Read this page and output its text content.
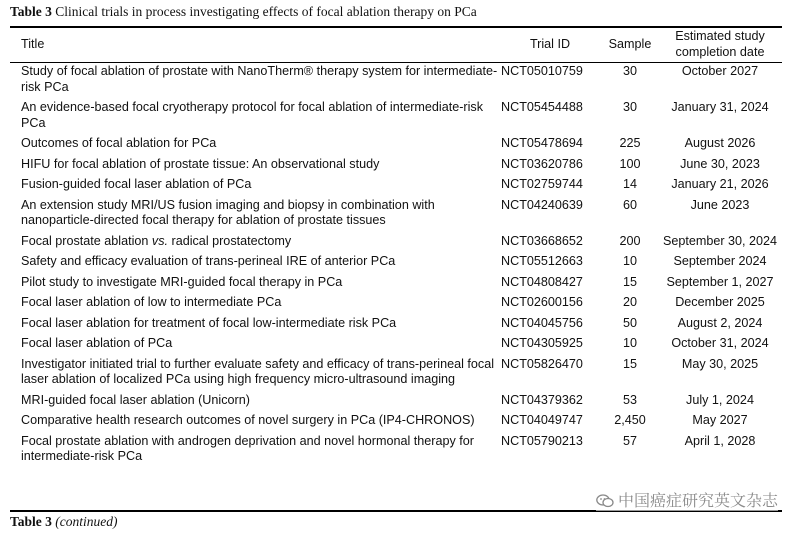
Table 3 Clinical trials in process investigating effects of focal ablation therapy on PCa
Title	Trial ID	Sample	Estimated study completion date
Study of focal ablation of prostate with NanoTherm® therapy system for intermediate-risk PCa	NCT05010759	30	October 2027
An evidence-based focal cryotherapy protocol for focal ablation of intermediate-risk PCa	NCT05454488	30	January 31, 2024
Outcomes of focal ablation for PCa	NCT05478694	225	August 2026
HIFU for focal ablation of prostate tissue: An observational study	NCT03620786	100	June 30, 2023
Fusion-guided focal laser ablation of PCa	NCT02759744	14	January 21, 2026
An extension study MRI/US fusion imaging and biopsy in combination with nanoparticle-directed focal therapy for ablation of prostate tissues	NCT04240639	60	June 2023
Focal prostate ablation vs. radical prostatectomy	NCT03668652	200	September 30, 2024
Safety and efficacy evaluation of trans-perineal IRE of anterior PCa	NCT05512663	10	September 2024
Pilot study to investigate MRI-guided focal therapy in PCa	NCT04808427	15	September 1, 2027
Focal laser ablation of low to intermediate PCa	NCT02600156	20	December 2025
Focal laser ablation for treatment of focal low-intermediate risk PCa	NCT04045756	50	August 2, 2024
Focal laser ablation of PCa	NCT04305925	10	October 31, 2024
Investigator initiated trial to further evaluate safety and efficacy of trans-perineal focal laser ablation of localized PCa using high frequency micro-ultrasound imaging	NCT05826470	15	May 30, 2025
MRI-guided focal laser ablation (Unicorn)	NCT04379362	53	July 1, 2024
Comparative health research outcomes of novel surgery in PCa (IP4-CHRONOS)	NCT04049747	2,450	May 2027
Focal prostate ablation with androgen deprivation and novel hormonal therapy for intermediate-risk PCa	NCT05790213	57	April 1, 2028
中国癌症研究英文杂志
Table 3 (continued)
